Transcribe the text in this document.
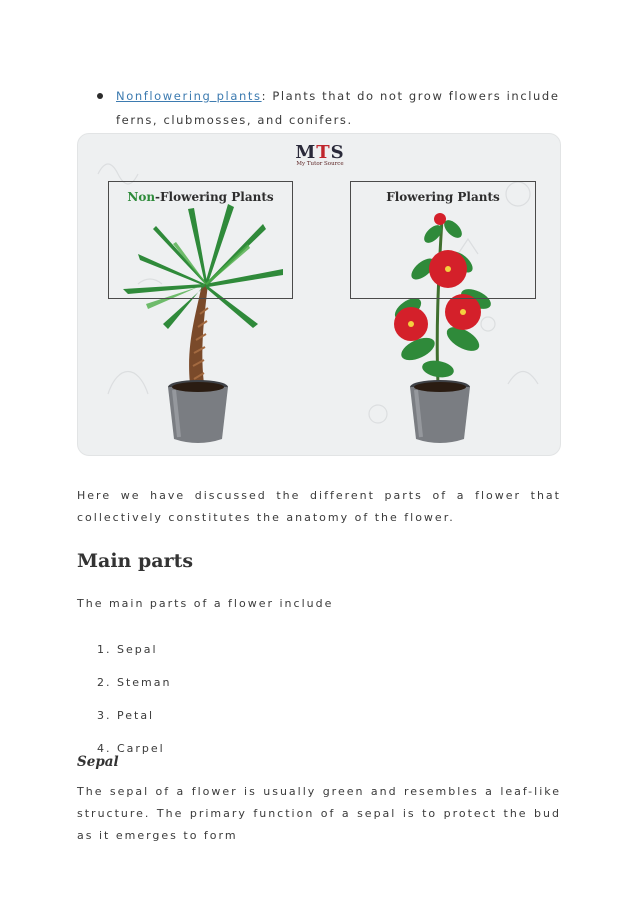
Nonflowering plants: Plants that do not grow flowers include ferns, clubmosses, and conifers.
MTS
My Tutor Source
Non-Flowering Plants	Flowering Plants

Here we have discussed the different parts of a flower that collectively constitutes the anatomy of the flower.

Main parts

The main parts of a flower include

1. Sepal
2. Steman
3. Petal
4. Carpel
Sepal

The sepal of a flower is usually green and resembles a leaf-like structure. The primary function of a sepal is to protect the bud as it emerges to form
